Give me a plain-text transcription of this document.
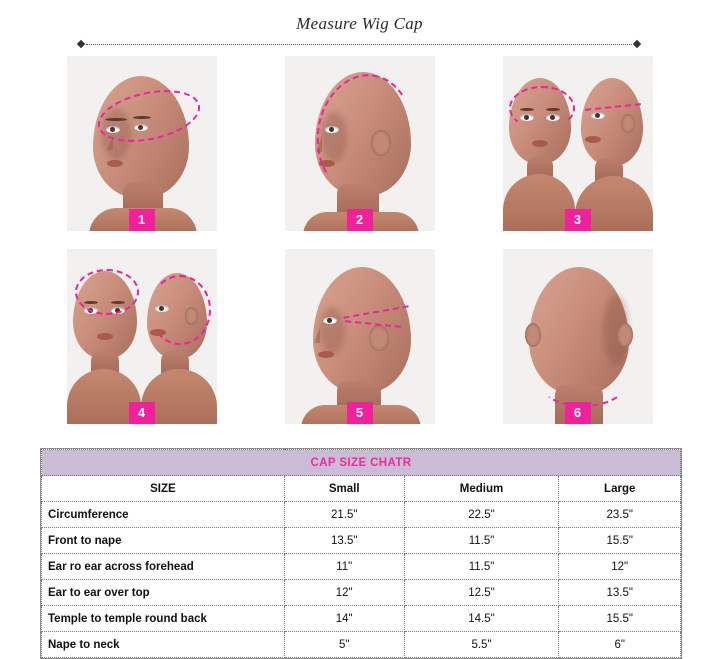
Measure Wig Cap
1	2	3
4	5	6
CAP SIZE CHATR			
SIZE	Small	Medium	Large
Circumference	21.5"	22.5"	23.5"
Front to nape	13.5"	11.5"	15.5"
Ear ro ear across forehead	11"	11.5"	12"
Ear to ear over top	12"	12.5"	13.5"
Temple to temple round back	14"	14.5"	15.5"
Nape to neck	5"	5.5"	6"
